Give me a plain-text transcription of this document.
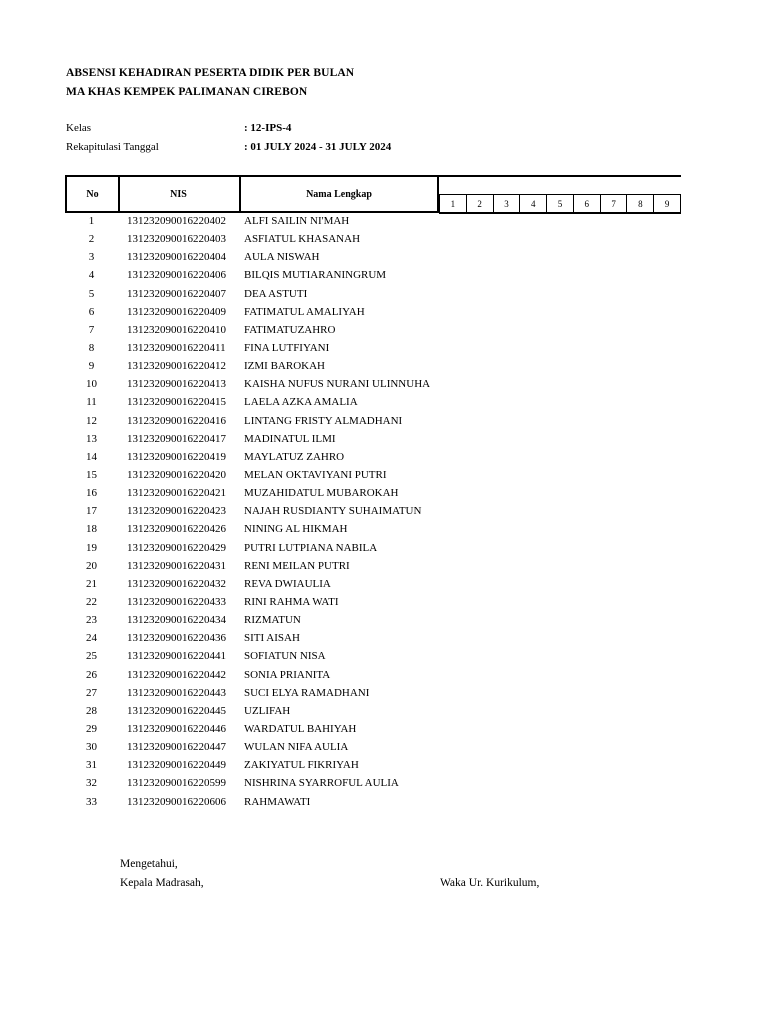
ABSENSI KEHADIRAN PESERTA DIDIK PER BULAN
MA KHAS KEMPEK PALIMANAN CIREBON
Kelas	: 12-IPS-4
Rekapitulasi Tanggal	: 01 JULY 2024 - 31 JULY 2024
No	NIS	Nama Lengkap
1	2	3	4	5	6	7	8	9
1	131232090016220402 ALFI SAILIN NI'MAH
2	131232090016220403 ASFIATUL KHASANAH
3	131232090016220404 AULA NISWAH
4	131232090016220406 BILQIS MUTIARANINGRUM
5	131232090016220407 DEA ASTUTI
6	131232090016220409 FATIMATUL AMALIYAH
7	131232090016220410 FATIMATUZAHRO
8	131232090016220411 FINA LUTFIYANI
9	131232090016220412 IZMI BAROKAH
10	131232090016220413 KAISHA NUFUS NURANI ULINNUHA
11	131232090016220415 LAELA AZKA AMALIA
12	131232090016220416 LINTANG FRISTY ALMADHANI
13	131232090016220417 MADINATUL ILMI
14	131232090016220419 MAYLATUZ ZAHRO
15	131232090016220420 MELAN OKTAVIYANI PUTRI
16	131232090016220421 MUZAHIDATUL MUBAROKAH
17	131232090016220423 NAJAH RUSDIANTY SUHAIMATUN
18	131232090016220426 NINING AL HIKMAH
19	131232090016220429 PUTRI LUTPIANA NABILA
20	131232090016220431 RENI MEILAN PUTRI
21	131232090016220432 REVA DWIAULIA
22	131232090016220433 RINI RAHMA WATI
23	131232090016220434 RIZMATUN
24	131232090016220436 SITI AISAH
25	131232090016220441 SOFIATUN NISA
26	131232090016220442 SONIA PRIANITA
27	131232090016220443 SUCI ELYA RAMADHANI
28	131232090016220445 UZLIFAH
29	131232090016220446 WARDATUL BAHIYAH
30	131232090016220447 WULAN NIFA AULIA
31	131232090016220449 ZAKIYATUL FIKRIYAH
32	131232090016220599 NISHRINA SYARROFUL AULIA
33	131232090016220606 RAHMAWATI
Mengetahui,
Kepala Madrasah,	Waka Ur. Kurikulum,
